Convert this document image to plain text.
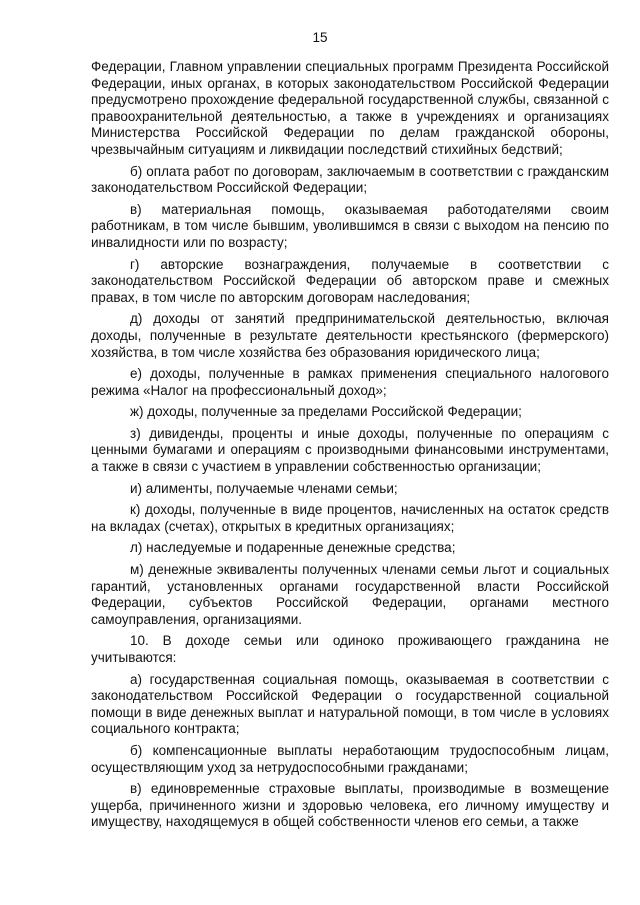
15

Федерации, Главном управлении специальных программ Президента Российской Федерации, иных органах, в которых законодательством Российской Федерации предусмотрено прохождение федеральной государственной службы, связанной с правоохранительной деятельностью, а также в учреждениях и организациях Министерства Российской Федерации по делам гражданской обороны, чрезвычайным ситуациям и ликвидации последствий стихийных бедствий;

б) оплата работ по договорам, заключаемым в соответствии с гражданским законодательством Российской Федерации;

в) материальная помощь, оказываемая работодателями своим работникам, в том числе бывшим, уволившимся в связи с выходом на пенсию по инвалидности или по возрасту;

г) авторские вознаграждения, получаемые в соответствии с законодательством Российской Федерации об авторском праве и смежных правах, в том числе по авторским договорам наследования;

д) доходы от занятий предпринимательской деятельностью, включая доходы, полученные в результате деятельности крестьянского (фермерского) хозяйства, в том числе хозяйства без образования юридического лица;

е) доходы, полученные в рамках применения специального налогового режима «Налог на профессиональный доход»;

ж) доходы, полученные за пределами Российской Федерации;

з) дивиденды, проценты и иные доходы, полученные по операциям с ценными бумагами и операциям с производными финансовыми инструментами, а также в связи с участием в управлении собственностью организации;

и) алименты, получаемые членами семьи;

к) доходы, полученные в виде процентов, начисленных на остаток средств на вкладах (счетах), открытых в кредитных организациях;

л) наследуемые и подаренные денежные средства;

м) денежные эквиваленты полученных членами семьи льгот и социальных гарантий, установленных органами государственной власти Российской Федерации, субъектов Российской Федерации, органами местного самоуправления, организациями.

10. В доходе семьи или одиноко проживающего гражданина не учитываются:

а) государственная социальная помощь, оказываемая в соответствии с законодательством Российской Федерации о государственной социальной помощи в виде денежных выплат и натуральной помощи, в том числе в условиях социального контракта;

б) компенсационные выплаты неработающим трудоспособным лицам, осуществляющим уход за нетрудоспособными гражданами;

в) единовременные страховые выплаты, производимые в возмещение ущерба, причиненного жизни и здоровью человека, его личному имуществу и имуществу, находящемуся в общей собственности членов его семьи, а также
